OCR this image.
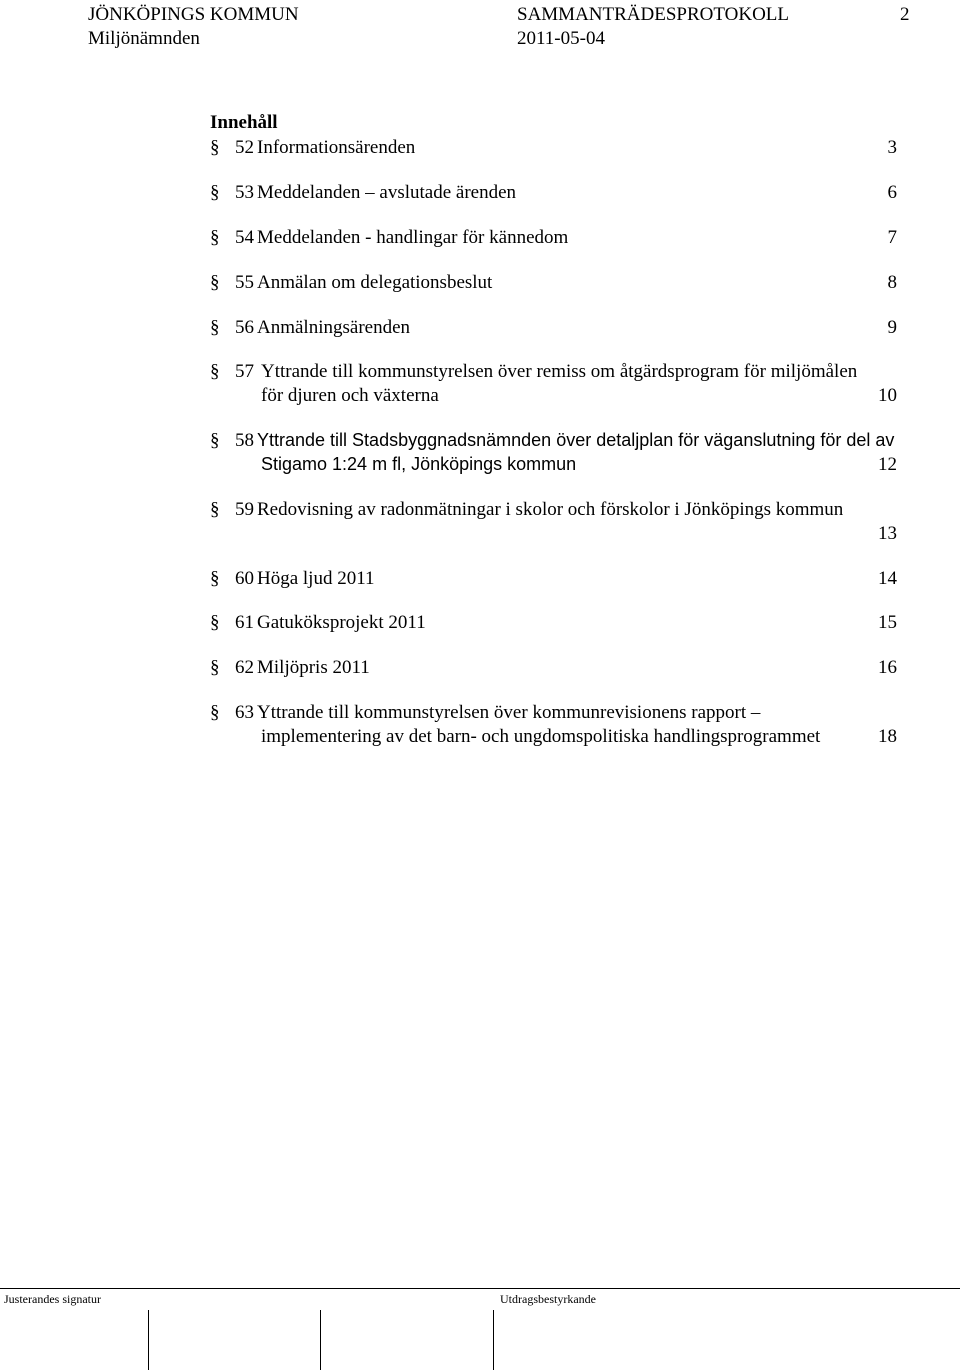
JÖNKÖPINGS KOMMUN	SAMMANTRÄDESPROTOKOLL	2
Miljönämnden	2011-05-04
Innehåll
§ 52 Informationsärenden	3
§ 53 Meddelanden – avslutade ärenden	6
§ 54 Meddelanden - handlingar för kännedom	7
§ 55 Anmälan om delegationsbeslut	8
§ 56 Anmälningsärenden	9
§ 57 Yttrande till kommunstyrelsen över remiss om åtgärdsprogram för miljömålen
för djuren och växterna	10
§ 58 Yttrande till Stadsbyggnadsnämnden över detaljplan för väganslutning för del av
Stigamo 1:24 m fl, Jönköpings kommun	12
§ 59 Redovisning av radonmätningar i skolor och förskolor i Jönköpings kommun
13
§ 60 Höga ljud 2011	14
§ 61 Gatuköksprojekt 2011	15
§ 62 Miljöpris 2011	16
§ 63 Yttrande till kommunstyrelsen över kommunrevisionens rapport –
implementering av det barn- och ungdomspolitiska handlingsprogrammet	18
Justerandes signatur	Utdragsbestyrkande
